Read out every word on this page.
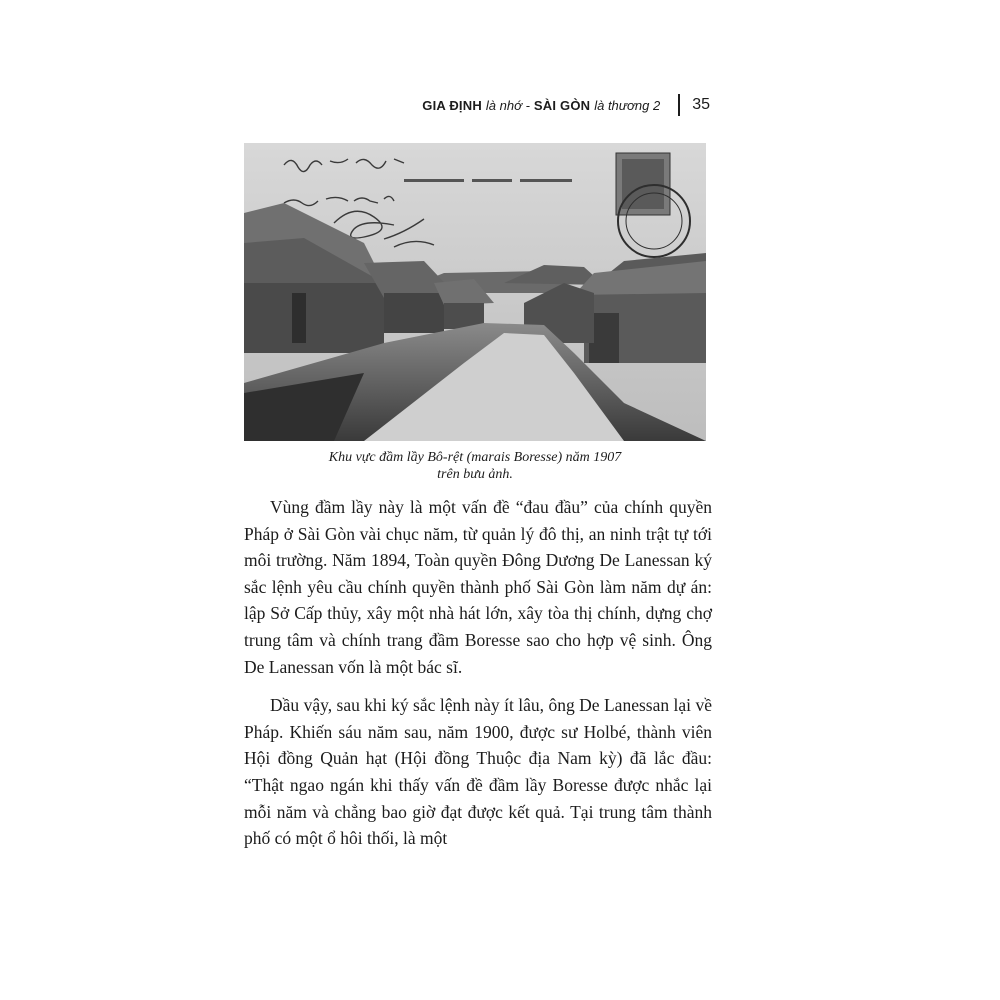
GIA ĐỊNH là nhớ - SÀI GÒN là thương 2 35
Khu vực đầm lầy Bô-rệt (marais Boresse) năm 1907
trên bưu ảnh.

Vùng đầm lầy này là một vấn đề “đau đầu” của chính quyền Pháp ở Sài Gòn vài chục năm, từ quản lý đô thị, an ninh trật tự tới môi trường. Năm 1894, Toàn quyền Đông Dương De Lanessan ký sắc lệnh yêu cầu chính quyền thành phố Sài Gòn làm năm dự án: lập Sở Cấp thủy, xây một nhà hát lớn, xây tòa thị chính, dựng chợ trung tâm và chính trang đầm Boresse sao cho hợp vệ sinh. Ông De Lanessan vốn là một bác sĩ.

Dầu vậy, sau khi ký sắc lệnh này ít lâu, ông De Lanessan lại về Pháp. Khiến sáu năm sau, năm 1900, được sư Holbé, thành viên Hội đồng Quản hạt (Hội đồng Thuộc địa Nam kỳ) đã lắc đầu: “Thật ngao ngán khi thấy vấn đề đầm lầy Boresse được nhắc lại mỗi năm và chẳng bao giờ đạt được kết quả. Tại trung tâm thành phố có một ổ hôi thối, là một
